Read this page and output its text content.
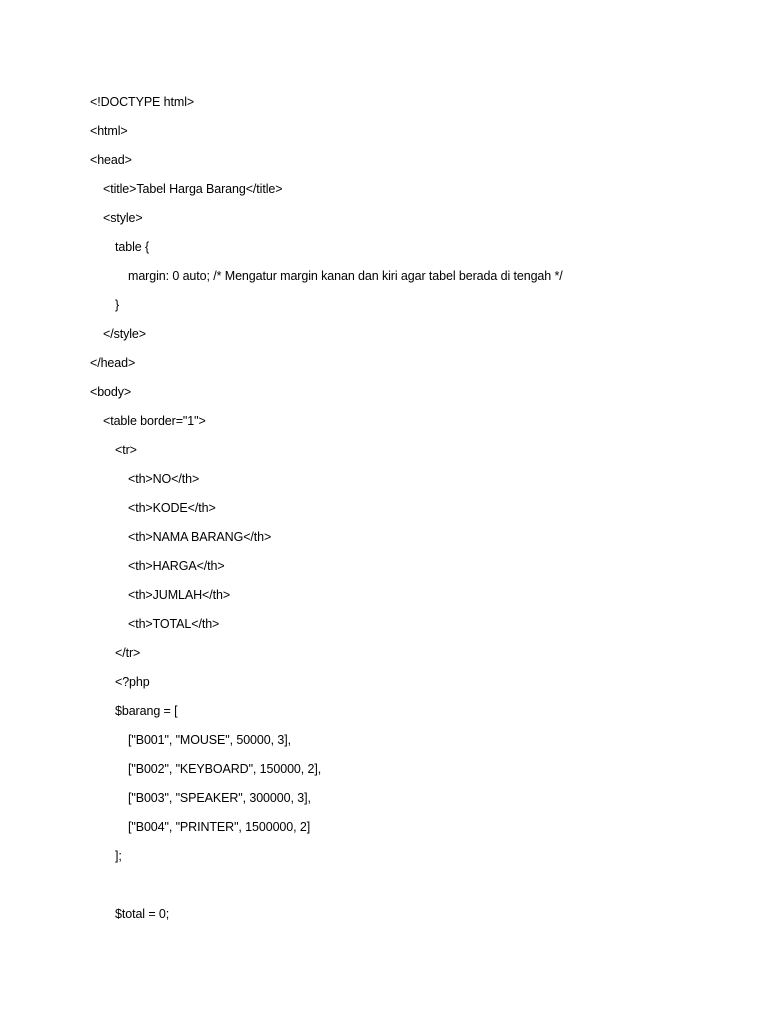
<!DOCTYPE html>
<html>
<head>
<title>Tabel Harga Barang</title>
<style>
table {
margin: 0 auto; /* Mengatur margin kanan dan kiri agar tabel berada di tengah */
}
</style>
</head>
<body>
<table border="1">
<tr>
<th>NO</th>
<th>KODE</th>
<th>NAMA BARANG</th>
<th>HARGA</th>
<th>JUMLAH</th>
<th>TOTAL</th>
</tr>
<?php
$barang = [
["B001", "MOUSE", 50000, 3],
["B002", "KEYBOARD", 150000, 2],
["B003", "SPEAKER", 300000, 3],
["B004", "PRINTER", 1500000, 2]
];
$total = 0;
